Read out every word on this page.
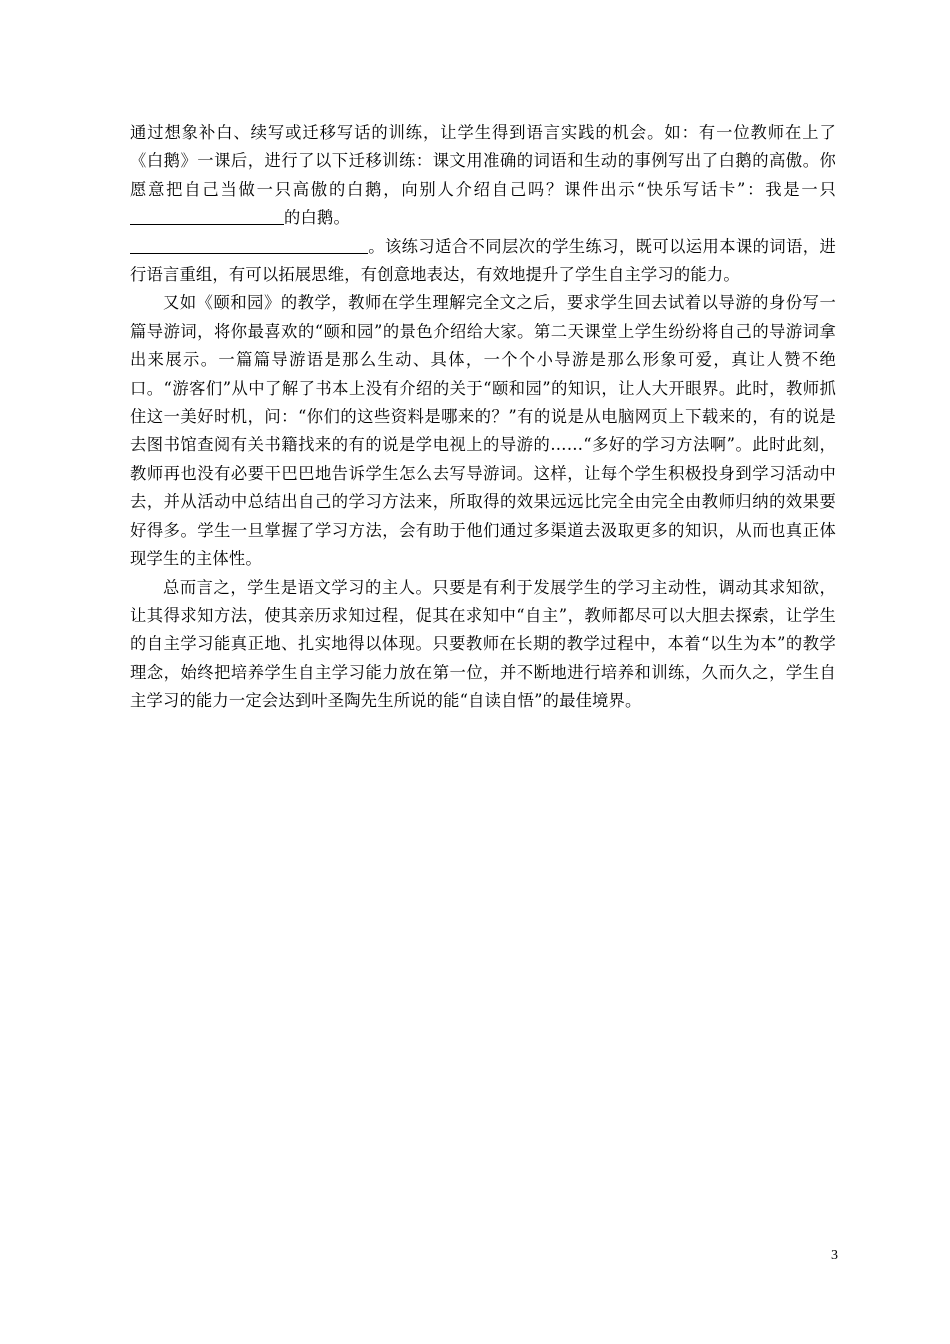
通过想象补白、续写或迁移写话的训练，让学生得到语言实践的机会。如：有一位教师在上了《白鹅》一课后，进行了以下迁移训练：课文用准确的词语和生动的事例写出了白鹅的高傲。你愿意把自己当做一只高傲的白鹅，向别人介绍自己吗？课件出示“快乐写话卡”：我是一只的白鹅。
。该练习适合不同层次的学生练习，既可以运用本课的词语，进行语言重组，有可以拓展思维，有创意地表达，有效地提升了学生自主学习的能力。

又如《颐和园》的教学，教师在学生理解完全文之后，要求学生回去试着以导游的身份写一篇导游词，将你最喜欢的“颐和园”的景色介绍给大家。第二天课堂上学生纷纷将自己的导游词拿出来展示。一篇篇导游语是那么生动、具体，一个个小导游是那么形象可爱，真让人赞不绝口。“游客们”从中了解了书本上没有介绍的关于“颐和园”的知识，让人大开眼界。此时，教师抓住这一美好时机，问：“你们的这些资料是哪来的？”有的说是从电脑网页上下载来的，有的说是去图书馆查阅有关书籍找来的有的说是学电视上的导游的……“多好的学习方法啊”。此时此刻，教师再也没有必要干巴巴地告诉学生怎么去写导游词。这样，让每个学生积极投身到学习活动中去，并从活动中总结出自己的学习方法来，所取得的效果远远比完全由完全由教师归纳的效果要好得多。学生一旦掌握了学习方法，会有助于他们通过多渠道去汲取更多的知识，从而也真正体现学生的主体性。

总而言之，学生是语文学习的主人。只要是有利于发展学生的学习主动性，调动其求知欲，让其得求知方法，使其亲历求知过程，促其在求知中“自主”，教师都尽可以大胆去探索，让学生的自主学习能真正地、扎实地得以体现。只要教师在长期的教学过程中，本着“以生为本”的教学理念，始终把培养学生自主学习能力放在第一位，并不断地进行培养和训练，久而久之，学生自主学习的能力一定会达到叶圣陶先生所说的能“自读自悟”的最佳境界。

3
